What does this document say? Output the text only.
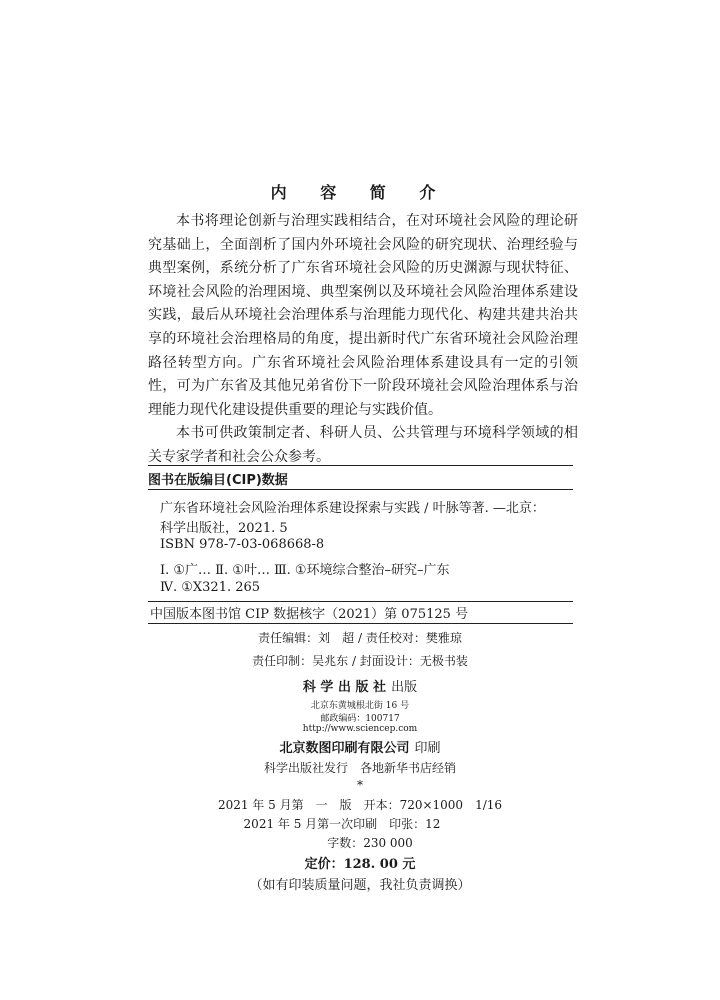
内 容 简 介

本书将理论创新与治理实践相结合，在对环境社会风险的理论研究基础上，全面剖析了国内外环境社会风险的研究现状、治理经验与典型案例，系统分析了广东省环境社会风险的历史渊源与现状特征、环境社会风险的治理困境、典型案例以及环境社会风险治理体系建设实践，最后从环境社会治理体系与治理能力现代化、构建共建共治共享的环境社会治理格局的角度，提出新时代广东省环境社会风险治理路径转型方向。广东省环境社会风险治理体系建设具有一定的引领性，可为广东省及其他兄弟省份下一阶段环境社会风险治理体系与治理能力现代化建设提供重要的理论与实践价值。

本书可供政策制定者、科研人员、公共管理与环境科学领域的相关专家学者和社会公众参考。

图书在版编目(CIP)数据
广东省环境社会风险治理体系建设探索与实践 / 叶脉等著. —北京：
科学出版社，2021. 5
ISBN 978-7-03-068668-8
Ⅰ. ①广… Ⅱ. ①叶… Ⅲ. ①环境综合整治–研究–广东
Ⅳ. ①X321. 265
中国版本图书馆 CIP 数据核字（2021）第 075125 号
责任编辑：刘　超 / 责任校对：樊雅琼
责任印制：吴兆东 / 封面设计：无极书装
科 学 出 版 社 出版
北京东黄城根北街 16 号
邮政编码：100717
http://www.sciencep.com
北京数图印刷有限公司 印刷
科学出版社发行　各地新华书店经销
*
2021 年 5 月第　一　版　开本：720×1000　1/16
2021 年 5 月第一次印刷　印张：12
字数：230 000
定价：128. 00 元
（如有印装质量问题，我社负责调换）
